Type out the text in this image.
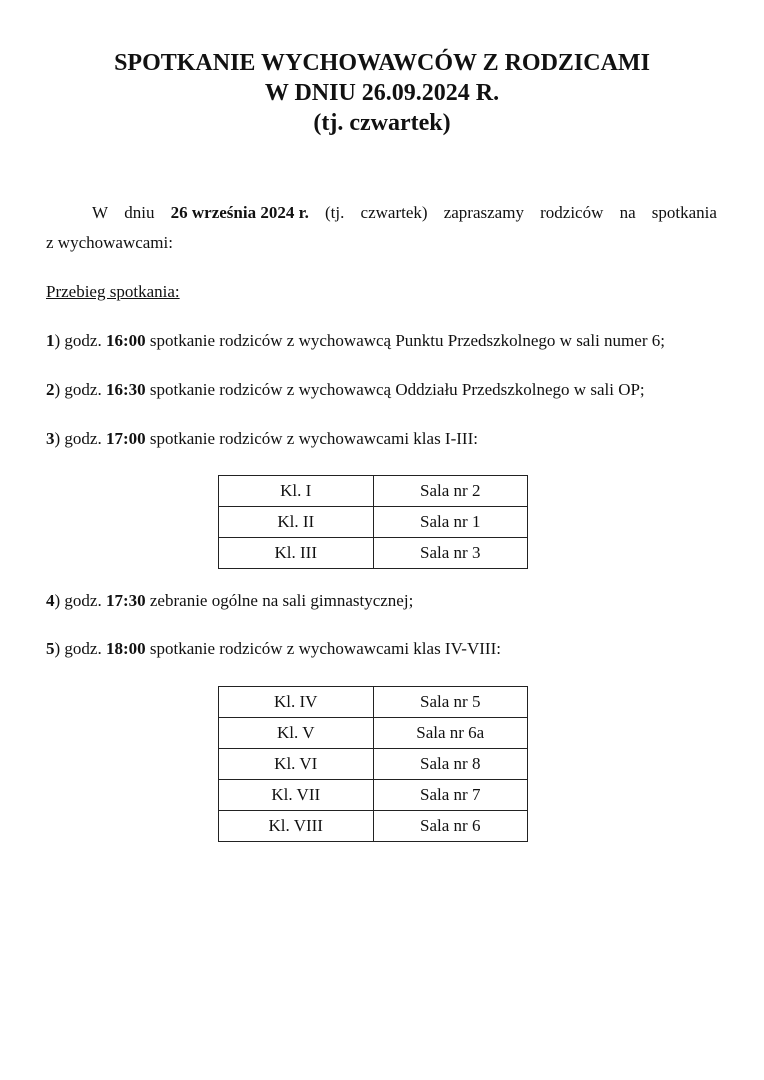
SPOTKANIE WYCHOWAWCÓW Z RODZICAMI
W DNIU 26.09.2024 R.
(tj. czwartek)
W dniu 26 września 2024 r. (tj. czwartek) zapraszamy rodziców na spotkania
z wychowawcami:
Przebieg spotkania:
1) godz. 16:00 spotkanie rodziców z wychowawcą Punktu Przedszkolnego w sali numer 6;
2) godz. 16:30 spotkanie rodziców z wychowawcą Oddziału Przedszkolnego w sali OP;
3) godz. 17:00 spotkanie rodziców z wychowawcami klas I-III:
Kl. I	Sala nr 2
Kl. II	Sala nr 1
Kl. III	Sala nr 3
4) godz. 17:30 zebranie ogólne na sali gimnastycznej;
5) godz. 18:00 spotkanie rodziców z wychowawcami klas IV-VIII:
Kl. IV	Sala nr 5
Kl. V	Sala nr 6a
Kl. VI	Sala nr 8
Kl. VII	Sala nr 7
Kl. VIII	Sala nr 6
